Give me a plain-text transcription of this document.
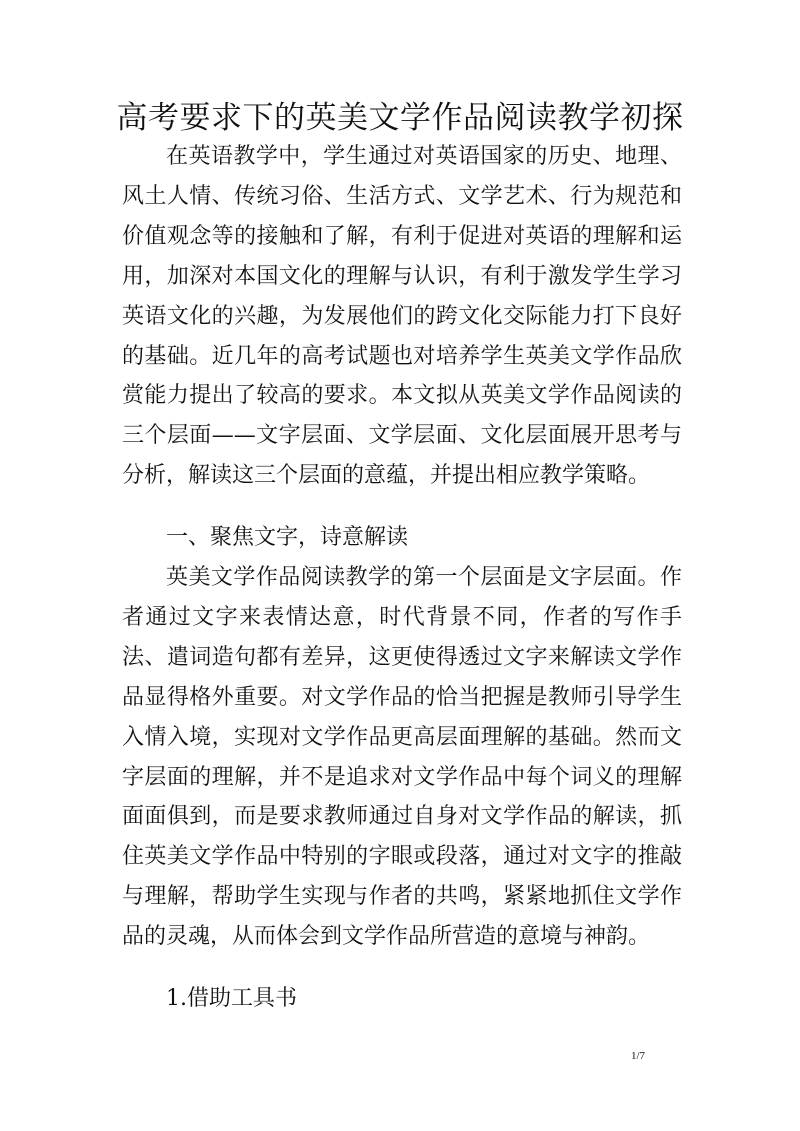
高考要求下的英美文学作品阅读教学初探

在英语教学中，学生通过对英语国家的历史、地理、风土人情、传统习俗、生活方式、文学艺术、行为规范和价值观念等的接触和了解，有利于促进对英语的理解和运用，加深对本国文化的理解与认识，有利于激发学生学习英语文化的兴趣，为发展他们的跨文化交际能力打下良好的基础。近几年的高考试题也对培养学生英美文学作品欣赏能力提出了较高的要求。本文拟从英美文学作品阅读的三个层面——文字层面、文学层面、文化层面展开思考与分析，解读这三个层面的意蕴，并提出相应教学策略。

一、聚焦文字，诗意解读

英美文学作品阅读教学的第一个层面是文字层面。作者通过文字来表情达意，时代背景不同，作者的写作手法、遣词造句都有差异，这更使得透过文字来解读文学作品显得格外重要。对文学作品的恰当把握是教师引导学生入情入境，实现对文学作品更高层面理解的基础。然而文字层面的理解，并不是追求对文学作品中每个词义的理解面面俱到，而是要求教师通过自身对文学作品的解读，抓住英美文学作品中特别的字眼或段落，通过对文字的推敲与理解，帮助学生实现与作者的共鸣，紧紧地抓住文学作品的灵魂，从而体会到文学作品所营造的意境与神韵。

1.借助工具书

1/7
